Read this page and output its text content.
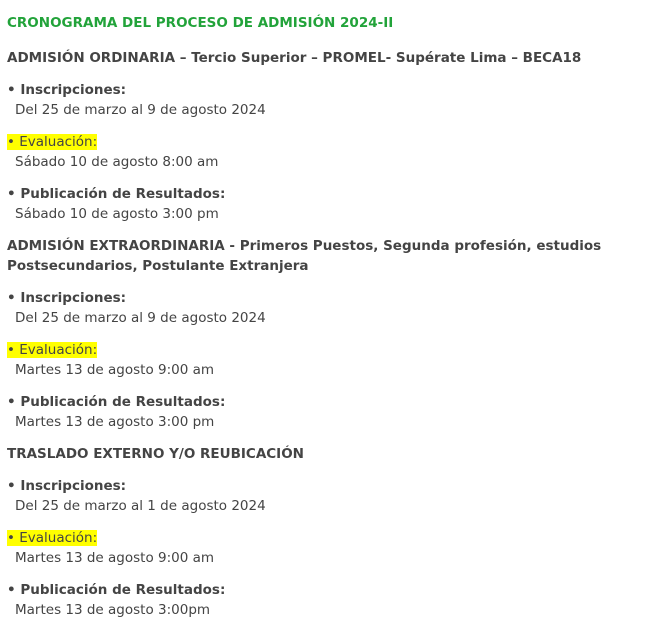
CRONOGRAMA DEL PROCESO DE ADMISIÓN 2024-II
ADMISIÓN ORDINARIA – Tercio Superior – PROMEL- Supérate Lima – BECA18
• Inscripciones:
Del 25 de marzo al 9 de agosto 2024
• Evaluación:
Sábado 10 de agosto 8:00 am
• Publicación de Resultados:
Sábado 10 de agosto 3:00 pm
ADMISIÓN EXTRAORDINARIA - Primeros Puestos, Segunda profesión, estudios Postsecundarios, Postulante Extranjera
• Inscripciones:
Del 25 de marzo al 9 de agosto 2024
• Evaluación:
Martes 13 de agosto 9:00 am
• Publicación de Resultados:
Martes 13 de agosto 3:00 pm
TRASLADO EXTERNO Y/O REUBICACIÓN
• Inscripciones:
Del 25 de marzo al 1 de agosto 2024
• Evaluación:
Martes 13 de agosto 9:00 am
• Publicación de Resultados:
Martes 13 de agosto 3:00pm
